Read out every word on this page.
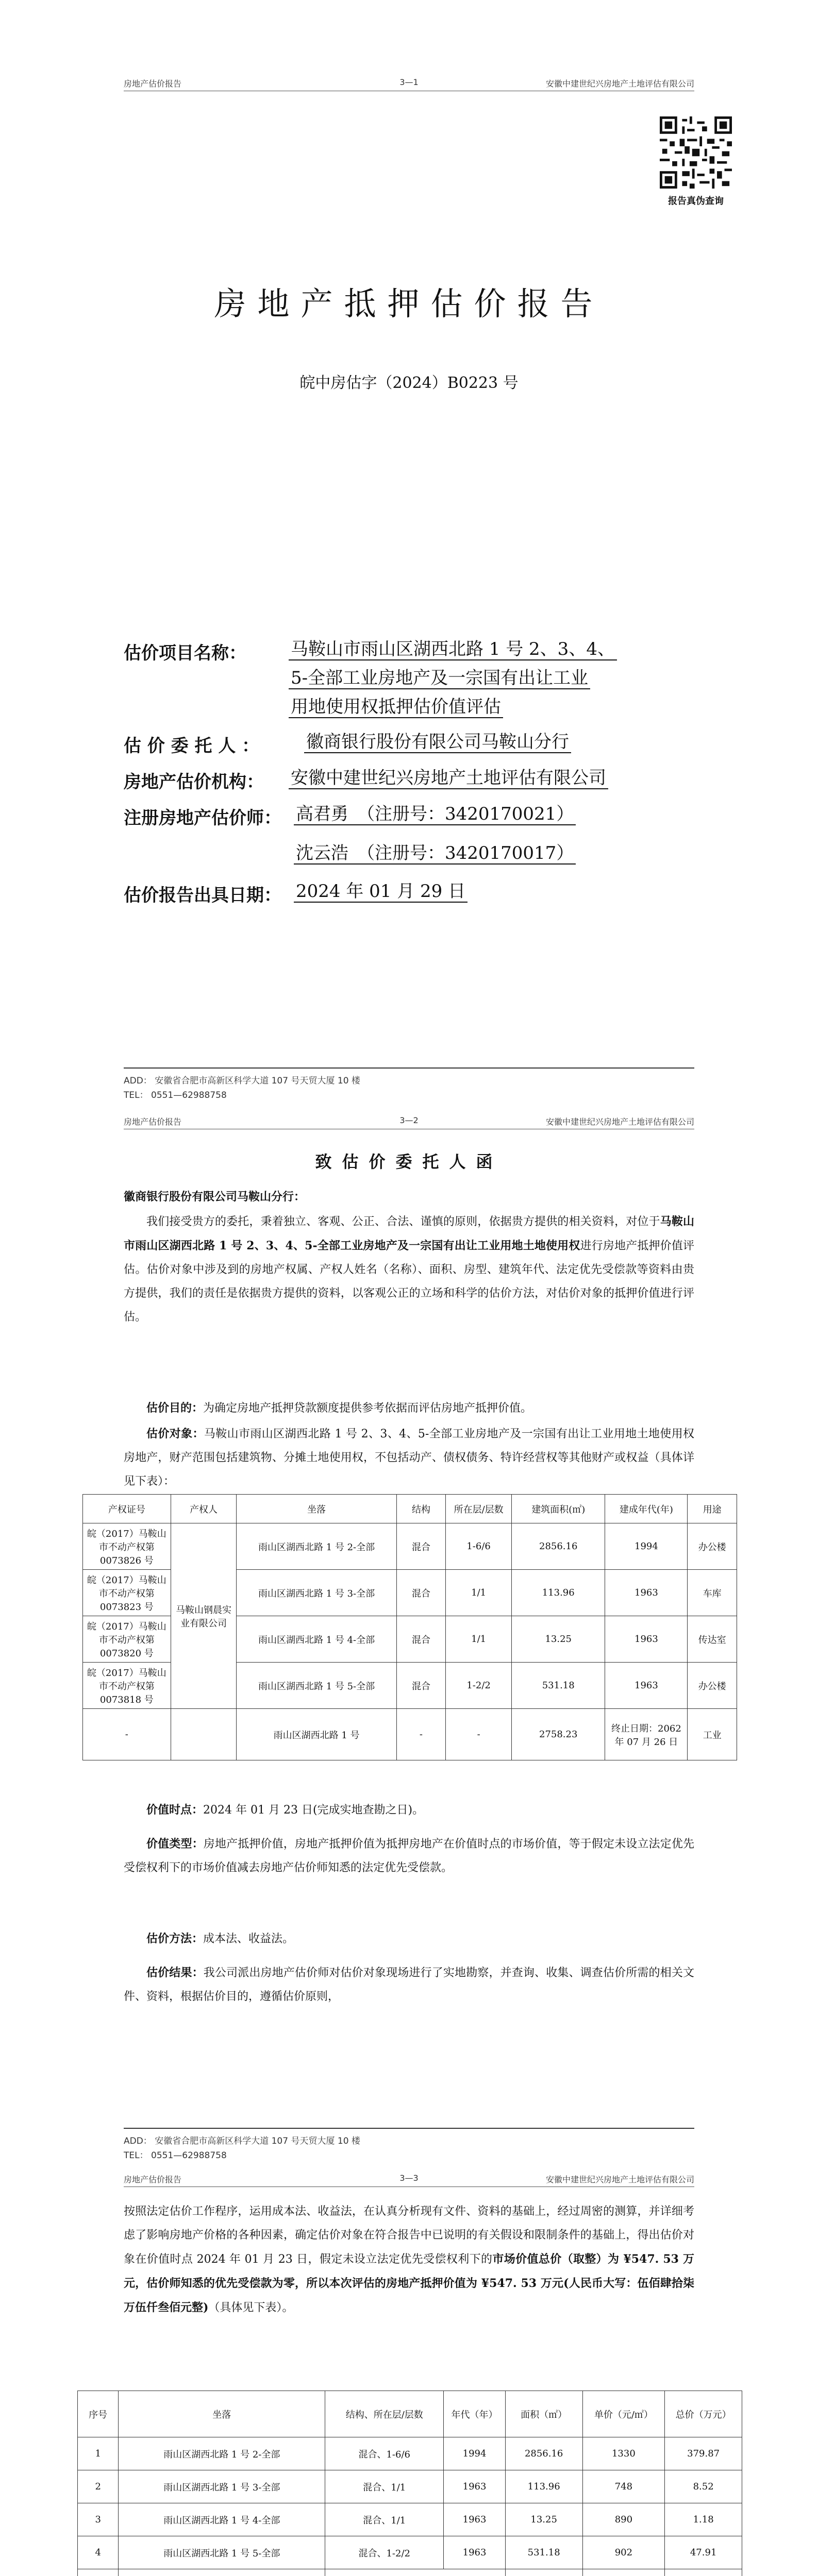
房地产估价报告	3—1	安徽中建世纪兴房地产土地评估有限公司
报告真伪查询
房地产抵押估价报告
皖中房估字（2024）B0223 号
估价项目名称：	马鞍山市雨山区湖西北路 1 号 2、3、4、
5-全部工业房地产及一宗国有出让工业
用地使用权抵押估价值评估
估 价 委 托 人 ：	徽商银行股份有限公司马鞍山分行
房地产估价机构： 安徽中建世纪兴房地产土地评估有限公司
注册房地产估价师： 高君勇　（注册号：3420170021）
沈云浩　（注册号：3420170017）
估价报告出具日期： 2024 年 01 月 29 日
ADD： 安徽省合肥市高新区科学大道 107 号天贸大厦 10 楼
TEL： 0551—62988758
房地产估价报告	3—2	安徽中建世纪兴房地产土地评估有限公司
致估价委托人函
徽商银行股份有限公司马鞍山分行：
我们接受贵方的委托，秉着独立、客观、公正、合法、谨慎的原则，依据贵方提供的相关资料，对位于马鞍山市雨山区湖西北路 1 号 2、3、4、5-全部工业房地产及一宗国有出让工业用地土地使用权进行房地产抵押价值评估。估价对象中涉及到的房地产权属、产权人姓名（名称）、面积、房型、建筑年代、法定优先受偿款等资料由贵方提供，我们的责任是依据贵方提供的资料，以客观公正的立场和科学的估价方法，对估价对象的抵押价值进行评估。
估价目的：为确定房地产抵押贷款额度提供参考依据而评估房地产抵押价值。
估价对象：马鞍山市雨山区湖西北路 1 号 2、3、4、5-全部工业房地产及一宗国有出让工业用地土地使用权房地产，财产范围包括建筑物、分摊土地使用权，不包括动产、债权债务、特许经营权等其他财产或权益（具体详见下表）：
产权证号	产权人	坐落	结构	所在层/层数	建筑面积(㎡)	建成年代(年)	用途
皖（2017）马鞍山市不动产权第 0073826 号	马鞍山钢晨实业有限公司	雨山区湖西北路 1 号 2-全部	混合	1-6/6	2856.16	1994	办公楼
皖（2017）马鞍山市不动产权第 0073823 号		雨山区湖西北路 1 号 3-全部	混合	1/1	113.96	1963	车库
皖（2017）马鞍山市不动产权第 0073820 号		雨山区湖西北路 1 号 4-全部	混合	1/1	13.25	1963	传达室
皖（2017）马鞍山市不动产权第 0073818 号		雨山区湖西北路 1 号 5-全部	混合	1-2/2	531.18	1963	办公楼
-		雨山区湖西北路 1 号	-	-	2758.23	终止日期：2062 年 07 月 26 日	工业
价值时点：2024 年 01 月 23 日(完成实地查勘之日)。
价值类型：房地产抵押价值，房地产抵押价值为抵押房地产在价值时点的市场价值，等于假定未设立法定优先受偿权利下的市场价值减去房地产估价师知悉的法定优先受偿款。
估价方法：成本法、收益法。
估价结果：我公司派出房地产估价师对估价对象现场进行了实地勘察，并查询、收集、调查估价所需的相关文件、资料，根据估价目的，遵循估价原则，
ADD： 安徽省合肥市高新区科学大道 107 号天贸大厦 10 楼
TEL： 0551—62988758
房地产估价报告	3—3	安徽中建世纪兴房地产土地评估有限公司
按照法定估价工作程序，运用成本法、收益法，在认真分析现有文件、资料的基础上，经过周密的测算，并详细考虑了影响房地产价格的各种因素，确定估价对象在符合报告中已说明的有关假设和限制条件的基础上，得出估价对象在价值时点 2024 年 01 月 23 日，假定未设立法定优先受偿权利下的市场价值总价（取整）为 ¥547. 53 万元，估价师知悉的优先受偿款为零，所以本次评估的房地产抵押价值为 ¥547. 53 万元(人民币大写：伍佰肆拾柒万伍仟叁佰元整)（具体见下表）。
序号	坐落	结构、所在层/层数	年代（年）	面积（㎡）	单价（元/㎡）	总价（万元）
1	雨山区湖西北路 1 号 2-全部	混合、1-6/6	1994	2856.16	1330	379.87
2	雨山区湖西北路 1 号 3-全部	混合、1/1	1963	113.96	748	8.52
3	雨山区湖西北路 1 号 4-全部	混合、1/1	1963	13.25	890	1.18
4	雨山区湖西北路 1 号 5-全部	混合、1-2/2	1963	531.18	902	47.91
